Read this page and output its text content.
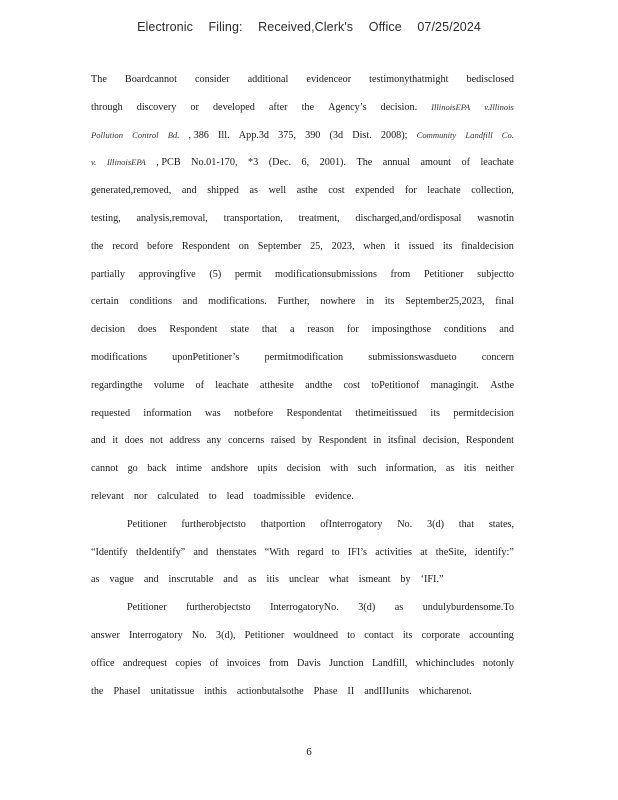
Electronic Filing: Received,Clerk's Office 07/25/2024
The Boardcannot consider additional evidenceor testimonythatmight bedisclosed
through discovery or developed after the Agency’s decision. IllinoisEPA v.Illinois
Pollution Control Bd. , 386 Ill. App.3d 375, 390 (3d Dist. 2008); Community Landfill Co.
v. IllinoisEPA , PCB No.01-170, *3 (Dec. 6, 2001). The annual amount of leachate
generated,removed, and shipped as well asthe cost expended for leachate collection,
testing, analysis,removal, transportation, treatment, discharged,and/ordisposal wasnotin
the record before Respondent on September 25, 2023, when it issued its finaldecision
partially approvingfive (5) permit modificationsubmissions from Petitioner subjectto
certain conditions and modifications. Further, nowhere in its September25,2023, final
decision does Respondent state that a reason for imposingthose conditions and
modifications uponPetitioner’s permitmodification submissionswasdueto concern
regardingthe volume of leachate atthesite andthe cost toPetitionof managingit. Asthe
requested information was notbefore Respondentat thetimeitissued its permitdecision
and it does not address any concerns raised by Respondent in itsfinal decision, Respondent
cannot go back intime andshore upits decision with such information, as itis neither
relevant nor calculated to lead toadmissible evidence.
Petitioner furtherobjectsto thatportion ofInterrogatory No. 3(d) that states,
“Identify theIdentify” and thenstates “With regard to IFI’s activities at theSite, identify:”
as vague and inscrutable and as itis unclear what ismeant by ‘IFI.”
Petitioner furtherobjectsto InterrogatoryNo. 3(d) as undulyburdensome.To
answer Interrogatory No. 3(d), Petitioner wouldneed to contact its corporate accounting
office andrequest copies of invoices from Davis Junction Landfill, whichincludes notonly
the PhaseI unitatissue inthis actionbutalsothe Phase II andIIIunits whicharenot.
6
